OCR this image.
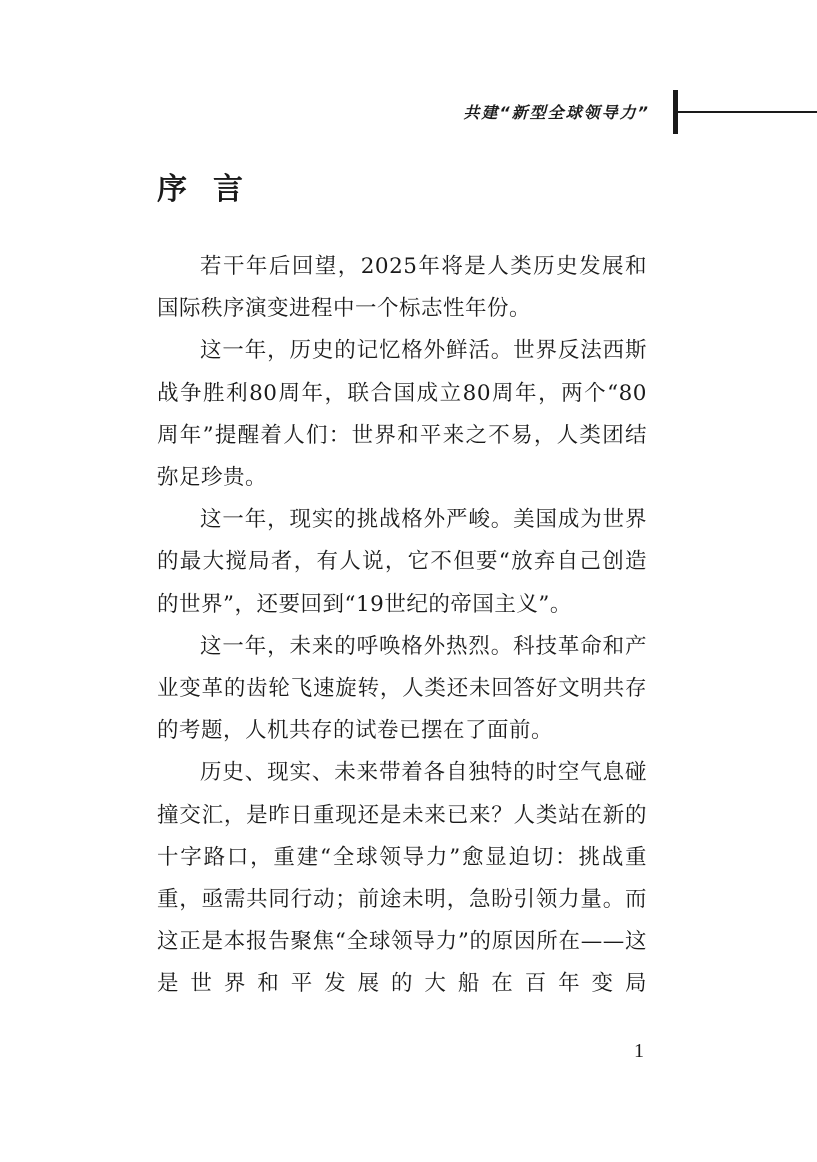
共建“新型全球领导力”
序言

若干年后回望，2025年将是人类历史发展和国际秩序演变进程中一个标志性年份。

这一年，历史的记忆格外鲜活。世界反法西斯战争胜利80周年，联合国成立80周年，两个“80周年”提醒着人们：世界和平来之不易，人类团结弥足珍贵。

这一年，现实的挑战格外严峻。美国成为世界的最大搅局者，有人说，它不但要“放弃自己创造的世界”，还要回到“19世纪的帝国主义”。

这一年，未来的呼唤格外热烈。科技革命和产业变革的齿轮飞速旋转，人类还未回答好文明共存的考题，人机共存的试卷已摆在了面前。

历史、现实、未来带着各自独特的时空气息碰撞交汇，是昨日重现还是未来已来？人类站在新的十字路口，重建“全球领导力”愈显迫切：挑战重重，亟需共同行动；前途未明，急盼引领力量。而这正是本报告聚焦“全球领导力”的原因所在——这是世界和平发展的大船在百年变局

1
